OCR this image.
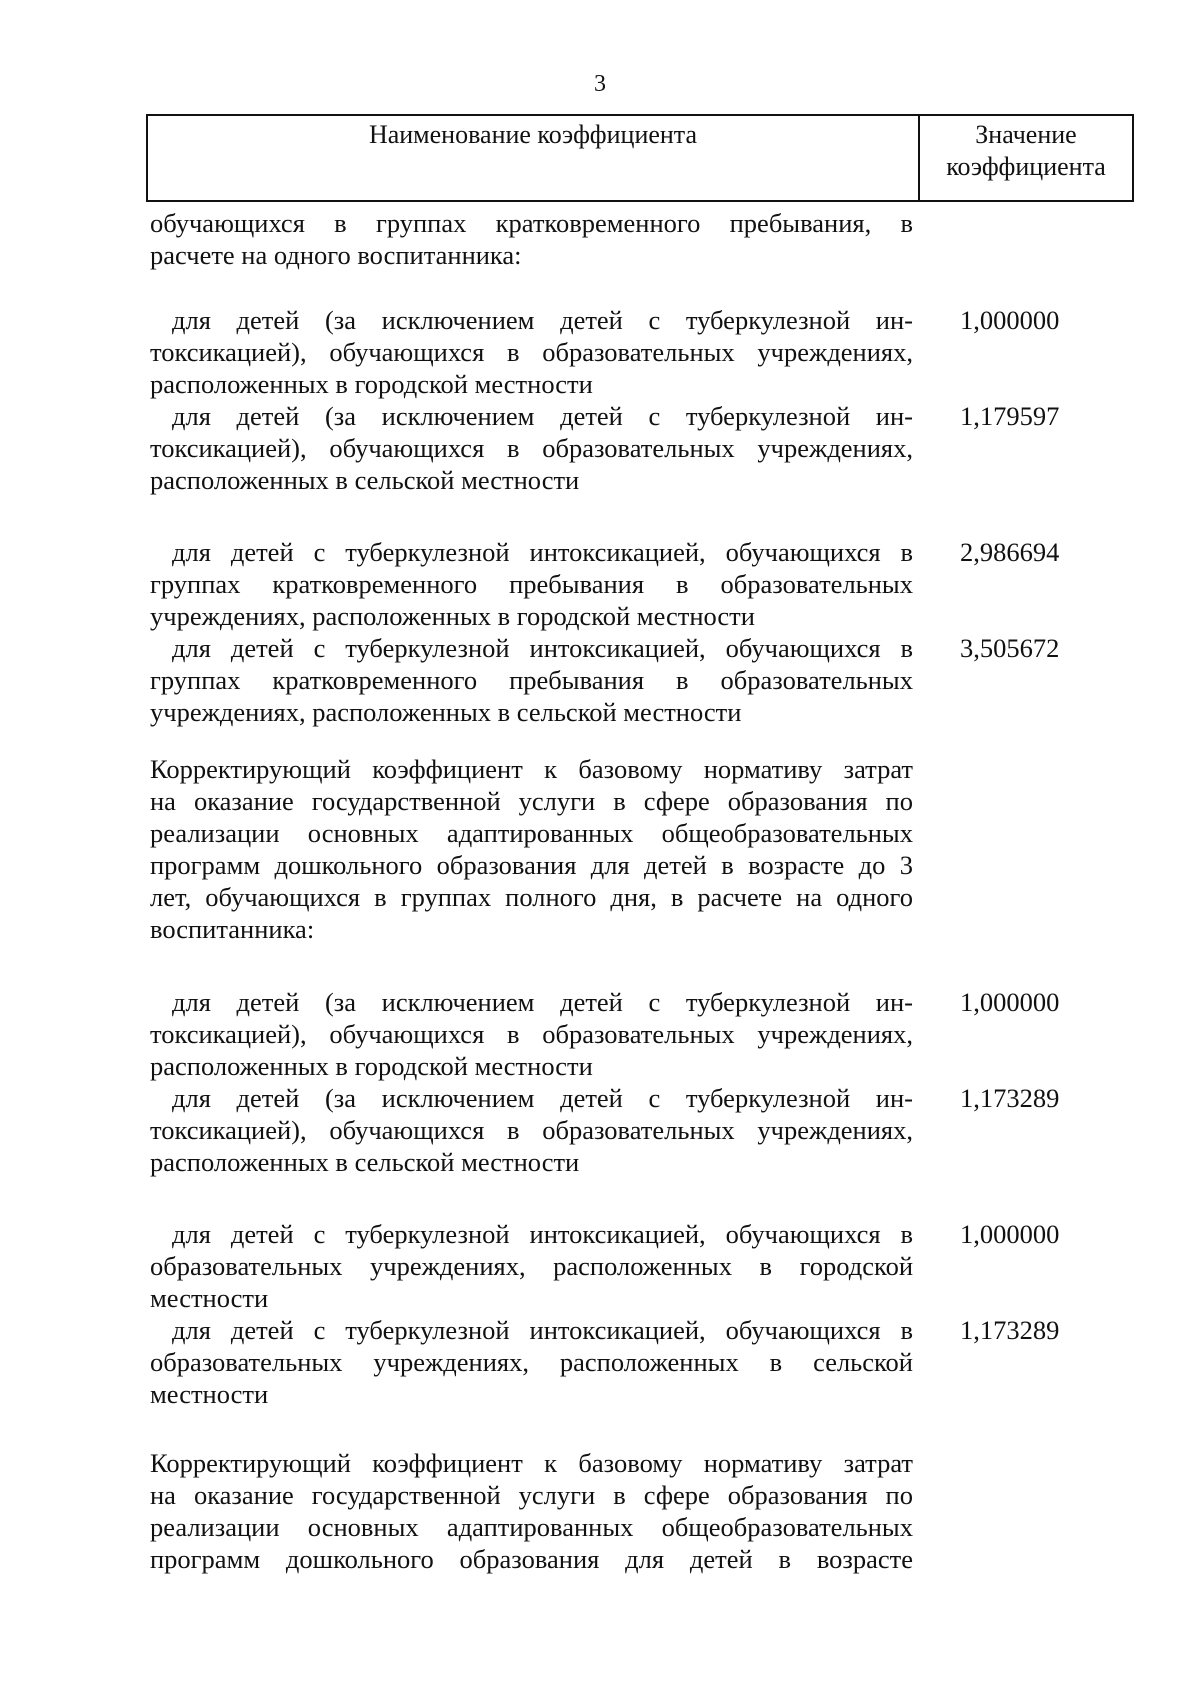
3
Наименование коэффициента	Значение
коэффициента
обучающихся в группах кратковременного пребывания, в
расчете на одного воспитанника:
для детей (за исключением детей с туберкулезной ин-
токсикацией), обучающихся в образовательных учреждениях,
расположенных в городской местности
1,000000
для детей (за исключением детей с туберкулезной ин-
токсикацией), обучающихся в образовательных учреждениях,
расположенных в сельской местности
1,179597
для детей с туберкулезной интоксикацией, обучающихся в
группах кратковременного пребывания в образовательных
учреждениях, расположенных в городской местности
2,986694
для детей с туберкулезной интоксикацией, обучающихся в
группах кратковременного пребывания в образовательных
учреждениях, расположенных в сельской местности
3,505672
Корректирующий коэффициент к базовому нормативу затрат
на оказание государственной услуги в сфере образования по
реализации основных адаптированных общеобразовательных
программ дошкольного образования для детей в возрасте до 3
лет, обучающихся в группах полного дня, в расчете на одного
воспитанника:
для детей (за исключением детей с туберкулезной ин-
токсикацией), обучающихся в образовательных учреждениях,
расположенных в городской местности
1,000000
для детей (за исключением детей с туберкулезной ин-
токсикацией), обучающихся в образовательных учреждениях,
расположенных в сельской местности
1,173289
для детей с туберкулезной интоксикацией, обучающихся в
образовательных учреждениях, расположенных в городской
местности
1,000000
для детей с туберкулезной интоксикацией, обучающихся в
образовательных учреждениях, расположенных в сельской
местности
1,173289
Корректирующий коэффициент к базовому нормативу затрат
на оказание государственной услуги в сфере образования по
реализации основных адаптированных общеобразовательных
программ дошкольного образования для детей в возрасте
